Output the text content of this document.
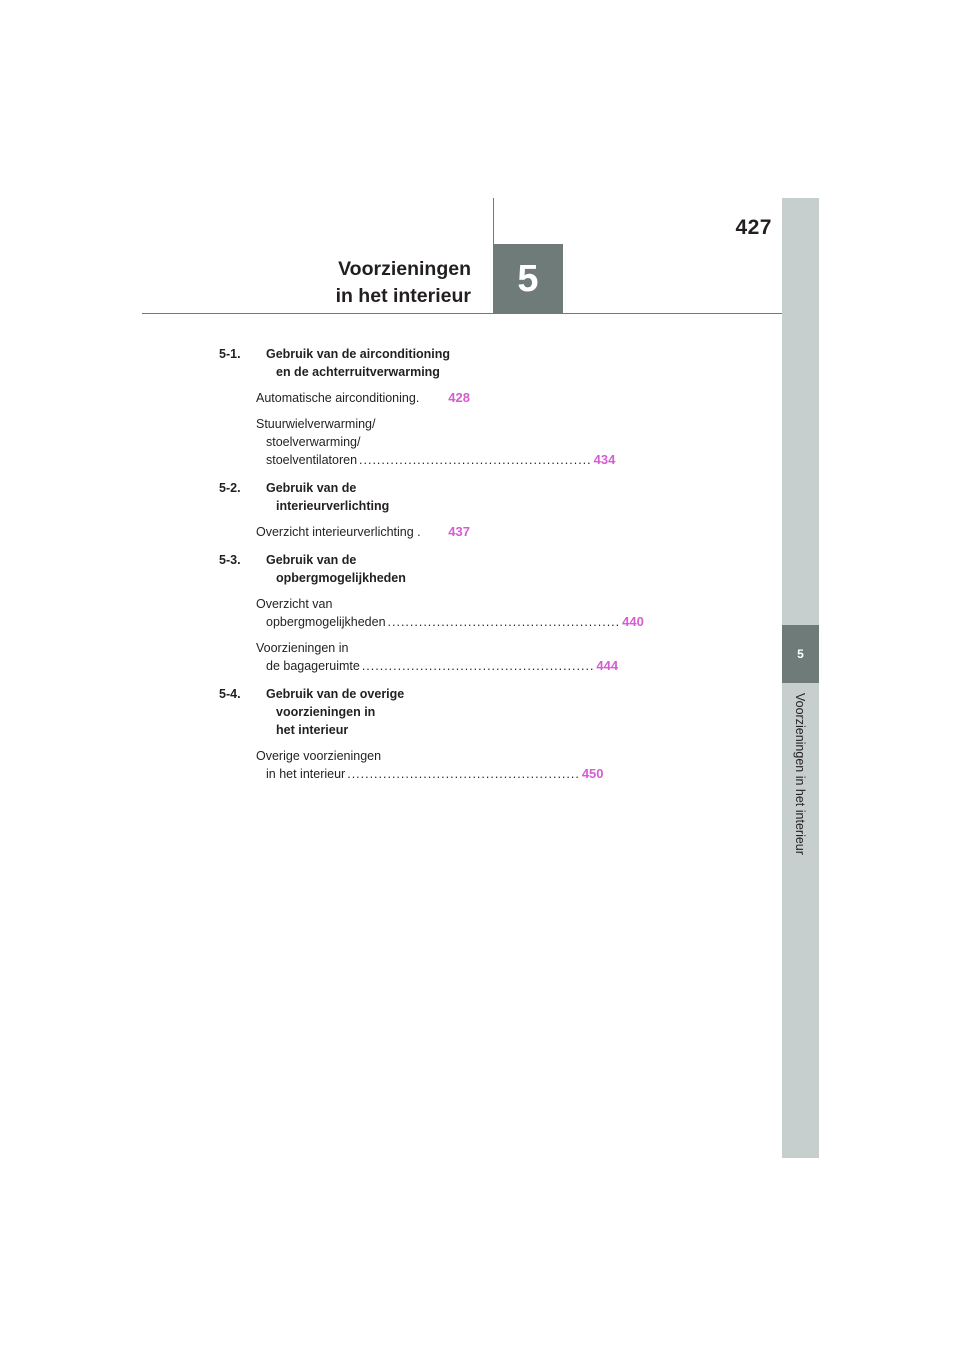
427
5
Voorzieningen in het interieur
5
Voorzieningen
in het interieur
5-1. Gebruik van de airconditioning
en de achterruitverwarming
Automatische airconditioning. 428
Stuurwielverwarming/
stoelverwarming/
stoelventilatoren .................................................... 434
5-2. Gebruik van de
interieurverlichting
Overzicht interieurverlichting . 437
5-3. Gebruik van de
opbergmogelijkheden
Overzicht van
opbergmogelijkheden .................................................... 440
Voorzieningen in
de bagageruimte .................................................... 444
5-4. Gebruik van de overige
voorzieningen in
het interieur
Overige voorzieningen
in het interieur .................................................... 450
